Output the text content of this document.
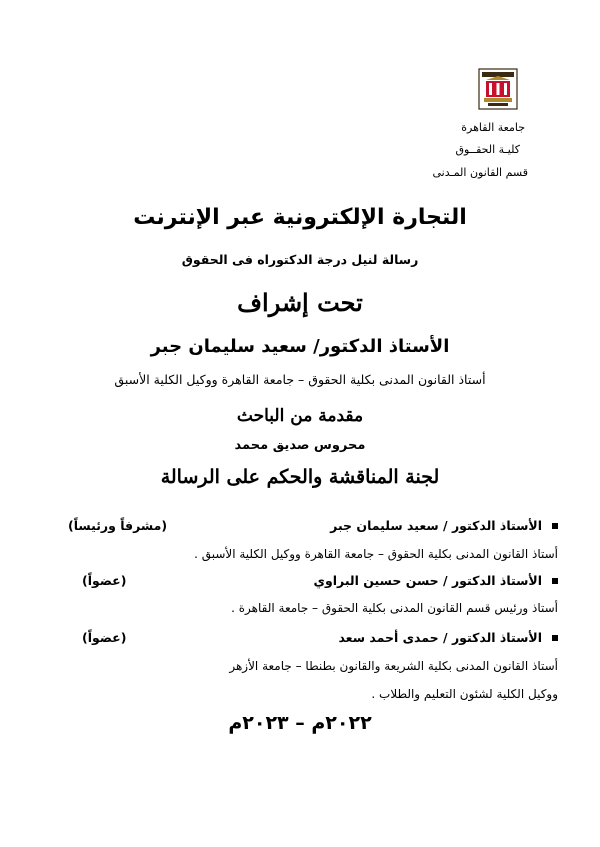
جامعة القاهرة
كليـة الحقــوق
قسم القانون المـدنى
التجارة الإلكترونية عبر الإنترنت
رسالة لنيل درجة الدكتوراه فى الحقوق
تحت إشراف
الأستاذ الدكتور/ سعيد سليمان جبر
أستاذ القانون المدنى بكلية الحقوق – جامعة القاهرة ووكيل الكلية الأسبق
مقدمة من الباحث
محروس صديق محمد
لجنة المناقشة والحكم على الرسالة
الأستاذ الدكتور / سعيد سليمان جبر
(مشرفاً ورئيساً)
أستاذ القانون المدنى بكلية الحقوق – جامعة القاهرة ووكيل الكلية الأسبق .
الأستاذ الدكتور / حسن حسين البراوي
(عضواً)
أستاذ ورئيس قسم القانون المدنى بكلية الحقوق – جامعة القاهرة .
الأستاذ الدكتور / حمدى أحمد سعد
(عضواً)
أستاذ القانون المدنى بكلية الشريعة والقانون بطنطا – جامعة الأزهر
ووكيل الكلية لشئون التعليم والطلاب .
٢٠٢٢م – ٢٠٢٣م
